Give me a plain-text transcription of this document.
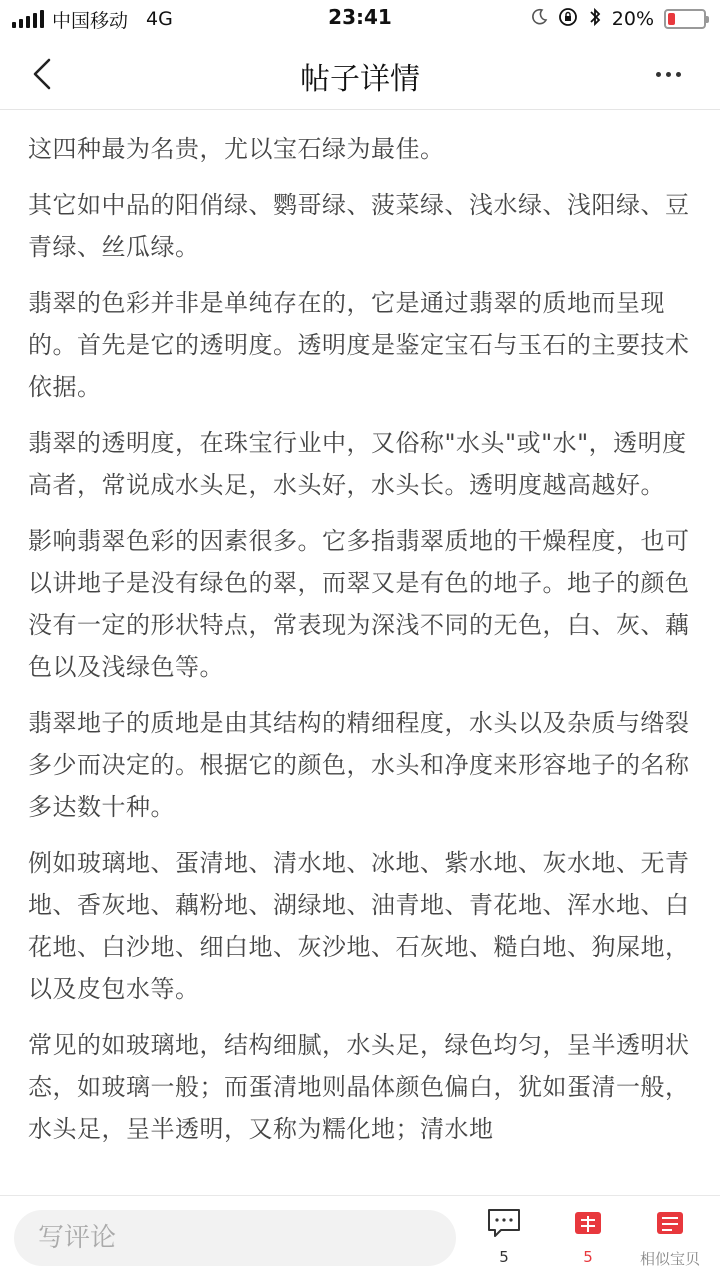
中国移动 4G	23:41	20%
帖子详情

这四种最为名贵，尤以宝石绿为最佳。

其它如中品的阳俏绿、鹦哥绿、菠菜绿、浅水绿、浅阳绿、豆青绿、丝瓜绿。

翡翠的色彩并非是单纯存在的，它是通过翡翠的质地而呈现的。首先是它的透明度。透明度是鉴定宝石与玉石的主要技术依据。

翡翠的透明度，在珠宝行业中，又俗称"水头"或"水"，透明度高者，常说成水头足，水头好，水头长。透明度越高越好。

影响翡翠色彩的因素很多。它多指翡翠质地的干燥程度，也可以讲地子是没有绿色的翠，而翠又是有色的地子。地子的颜色没有一定的形状特点，常表现为深浅不同的无色，白、灰、藕色以及浅绿色等。

翡翠地子的质地是由其结构的精细程度，水头以及杂质与绺裂多少而决定的。根据它的颜色，水头和净度来形容地子的名称多达数十种。

例如玻璃地、蛋清地、清水地、冰地、紫水地、灰水地、无青地、香灰地、藕粉地、湖绿地、油青地、青花地、浑水地、白花地、白沙地、细白地、灰沙地、石灰地、糙白地、狗屎地，以及皮包水等。

常见的如玻璃地，结构细腻，水头足，绿色均匀，呈半透明状态，如玻璃一般；而蛋清地则晶体颜色偏白，犹如蛋清一般，水头足，呈半透明，又称为糯化地；清水地

写评论
5	5	相似宝贝
